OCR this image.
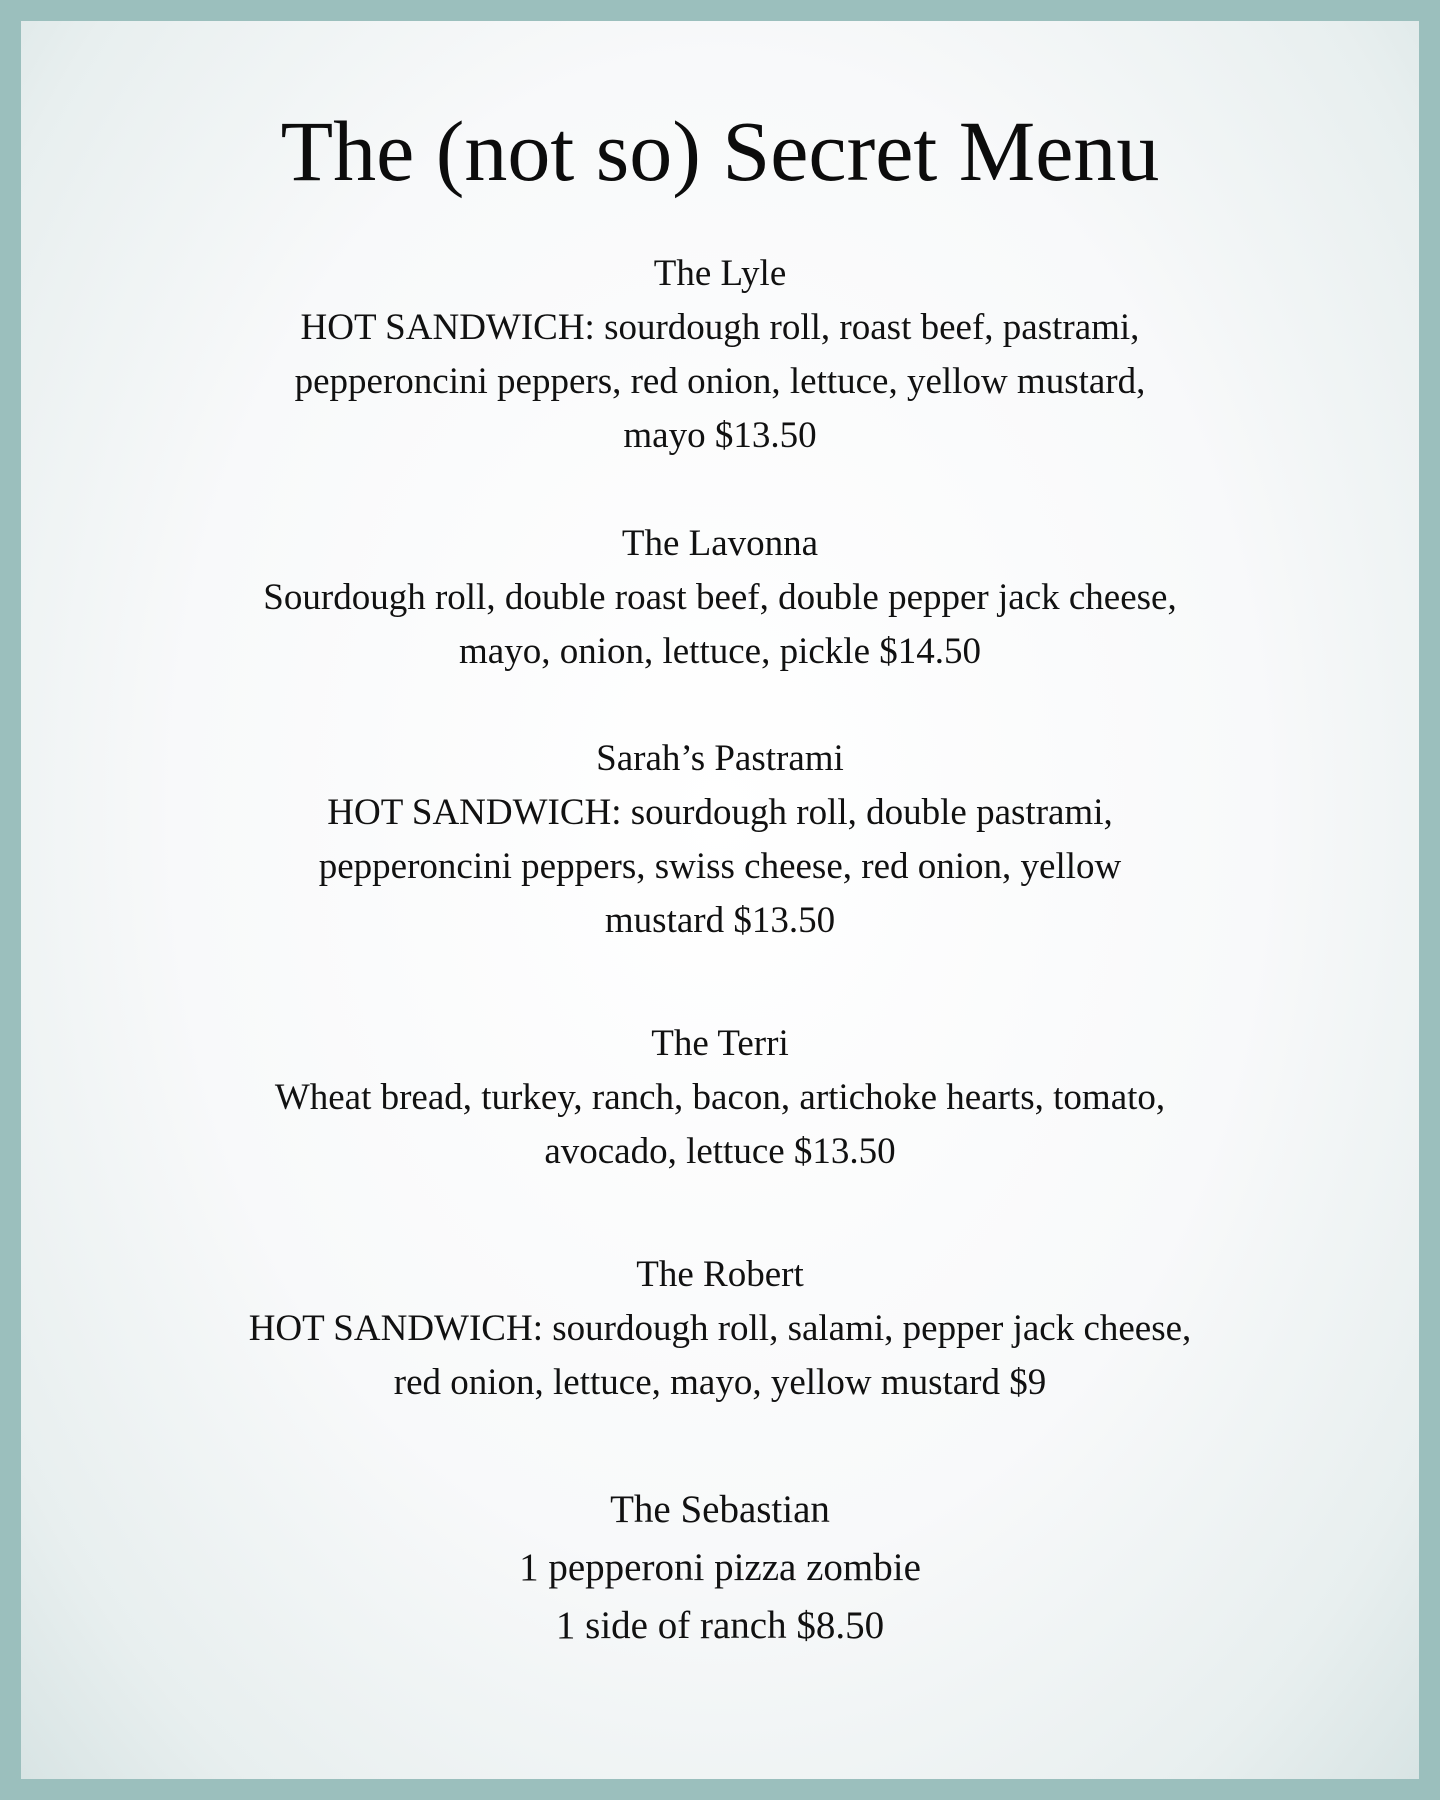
The (not so) Secret Menu
The Lyle
HOT SANDWICH: sourdough roll, roast beef, pastrami,
pepperoncini peppers, red onion, lettuce, yellow mustard,
mayo $13.50
The Lavonna
Sourdough roll, double roast beef, double pepper jack cheese,
mayo, onion, lettuce, pickle $14.50
Sarah’s Pastrami
HOT SANDWICH: sourdough roll, double pastrami,
pepperoncini peppers, swiss cheese, red onion, yellow
mustard $13.50
The Terri
Wheat bread, turkey, ranch, bacon, artichoke hearts, tomato,
avocado, lettuce $13.50
The Robert
HOT SANDWICH: sourdough roll, salami, pepper jack cheese,
red onion, lettuce, mayo, yellow mustard $9
The Sebastian
1 pepperoni pizza zombie
1 side of ranch $8.50
